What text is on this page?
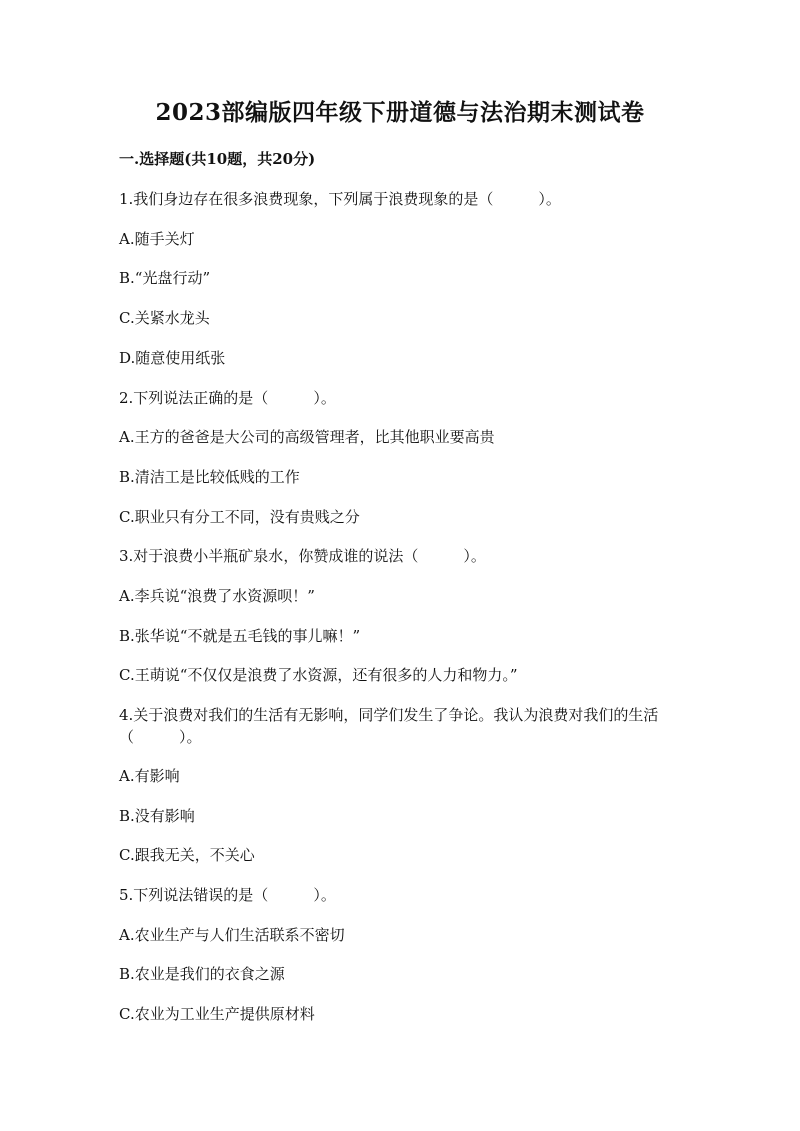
2023部编版四年级下册道德与法治期末测试卷
一.选择题(共10题，共20分)
1.我们身边存在很多浪费现象，下列属于浪费现象的是（　　　）。
A.随手关灯
B.“光盘行动”
C.关紧水龙头
D.随意使用纸张
2.下列说法正确的是（　　　）。
A.王方的爸爸是大公司的高级管理者，比其他职业要高贵
B.清洁工是比较低贱的工作
C.职业只有分工不同，没有贵贱之分
3.对于浪费小半瓶矿泉水，你赞成谁的说法（　　　）。
A.李兵说“浪费了水资源呗！”
B.张华说“不就是五毛钱的事儿嘛！”
C.王萌说“不仅仅是浪费了水资源，还有很多的人力和物力。”
4.关于浪费对我们的生活有无影响，同学们发生了争论。我认为浪费对我们的生活（　　　）。
A.有影响
B.没有影响
C.跟我无关，不关心
5.下列说法错误的是（　　　）。
A.农业生产与人们生活联系不密切
B.农业是我们的衣食之源
C.农业为工业生产提供原材料
